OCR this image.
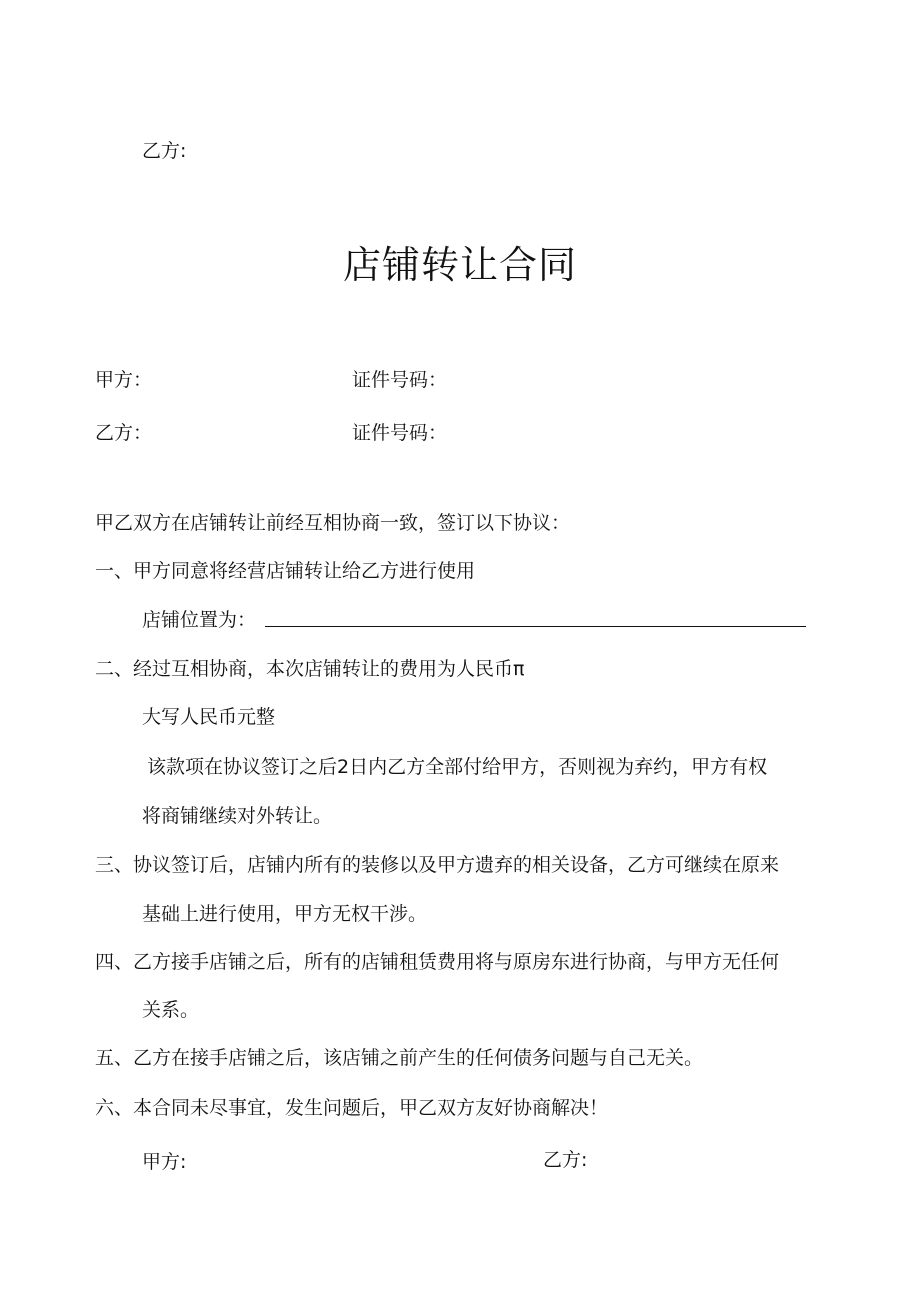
乙方:
店铺转让合同
甲方：	证件号码：
乙方：	证件号码：
甲乙双方在店铺转让前经互相协商一致，签订以下协议：
一、甲方同意将经营店铺转让给乙方进行使用
店铺位置为：
二、经过互相协商，本次店铺转让的费用为人民币π
大写人民币元整
该款项在协议签订之后2日内乙方全部付给甲方，否则视为弃约，甲方有权
将商铺继续对外转让。
三、协议签订后，店铺内所有的装修以及甲方遗弃的相关设备，乙方可继续在原来
基础上进行使用，甲方无权干涉。
四、乙方接手店铺之后，所有的店铺租赁费用将与原房东进行协商，与甲方无任何
关系。
五、乙方在接手店铺之后，该店铺之前产生的任何债务问题与自己无关。
六、本合同未尽事宜，发生问题后，甲乙双方友好协商解决！
甲方:	乙方:
